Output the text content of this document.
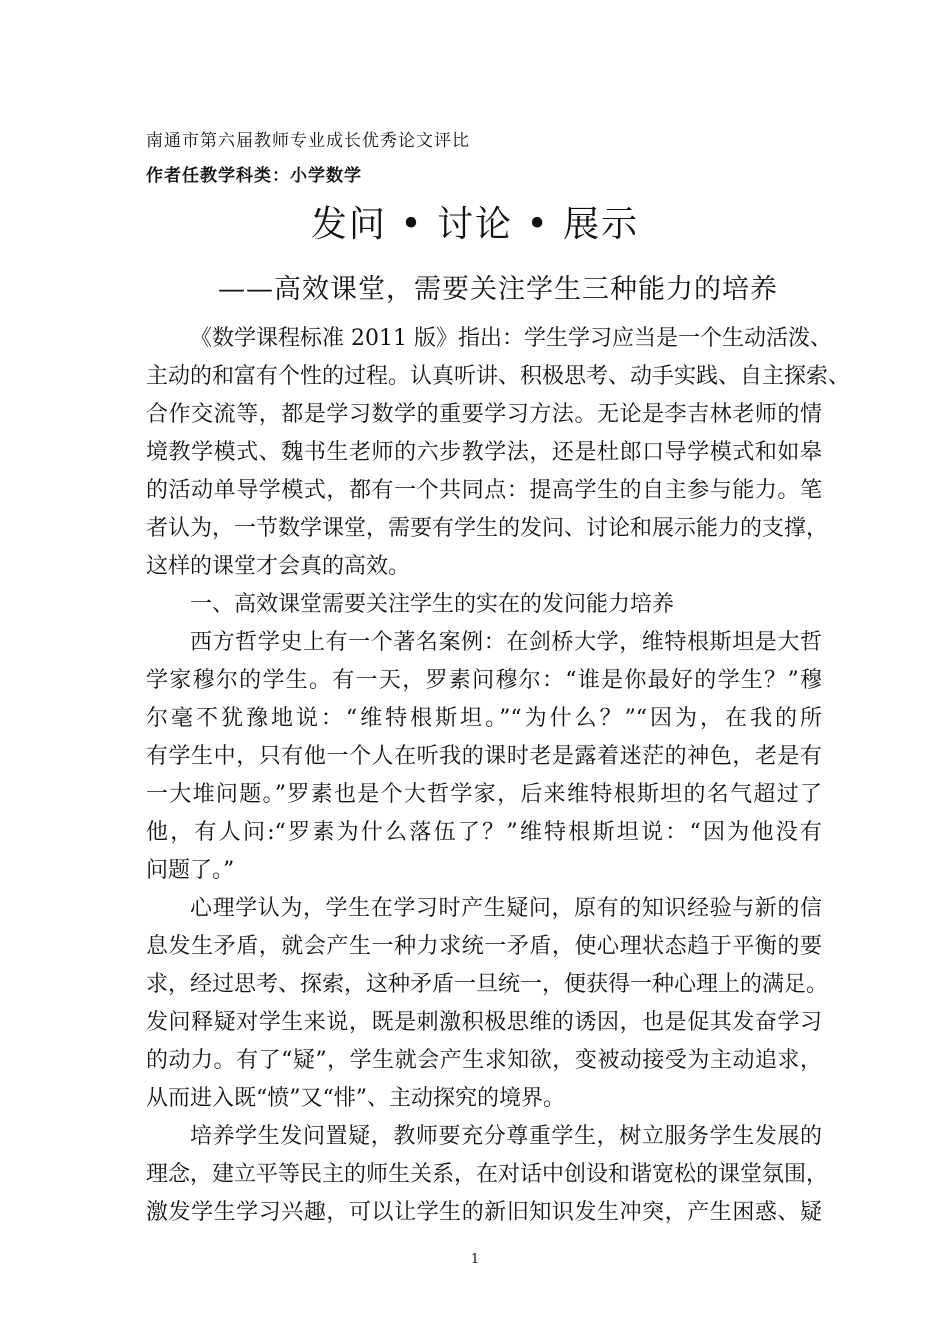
南通市第六届教师专业成长优秀论文评比
作者任教学科类：小学数学
发问 • 讨论 • 展示
——高效课堂，需要关注学生三种能力的培养
《数学课程标准 2011 版》指出：学生学习应当是一个生动活泼、
主动的和富有个性的过程。认真听讲、积极思考、动手实践、自主探索、
合作交流等，都是学习数学的重要学习方法。无论是李吉林老师的情
境教学模式、魏书生老师的六步教学法，还是杜郎口导学模式和如皋
的活动单导学模式，都有一个共同点：提高学生的自主参与能力。笔
者认为，一节数学课堂，需要有学生的发问、讨论和展示能力的支撑，
这样的课堂才会真的高效。
一、高效课堂需要关注学生的实在的发问能力培养
西方哲学史上有一个著名案例：在剑桥大学，维特根斯坦是大哲
学家穆尔的学生。有一天，罗素问穆尔：“谁是你最好的学生？”穆
尔毫不犹豫地说：“维特根斯坦。”“为什么？”“因为，在我的所
有学生中，只有他一个人在听我的课时老是露着迷茫的神色，老是有
一大堆问题。”罗素也是个大哲学家，后来维特根斯坦的名气超过了
他，有人问:“罗素为什么落伍了？”维特根斯坦说：“因为他没有
问题了。”
心理学认为，学生在学习时产生疑问，原有的知识经验与新的信
息发生矛盾，就会产生一种力求统一矛盾，使心理状态趋于平衡的要
求，经过思考、探索，这种矛盾一旦统一，便获得一种心理上的满足。
发问释疑对学生来说，既是刺激积极思维的诱因，也是促其发奋学习
的动力。有了“疑”，学生就会产生求知欲，变被动接受为主动追求，
从而进入既“愤”又“悱”、主动探究的境界。
培养学生发问置疑，教师要充分尊重学生，树立服务学生发展的
理念，建立平等民主的师生关系，在对话中创设和谐宽松的课堂氛围，
激发学生学习兴趣，可以让学生的新旧知识发生冲突，产生困惑、疑
1
